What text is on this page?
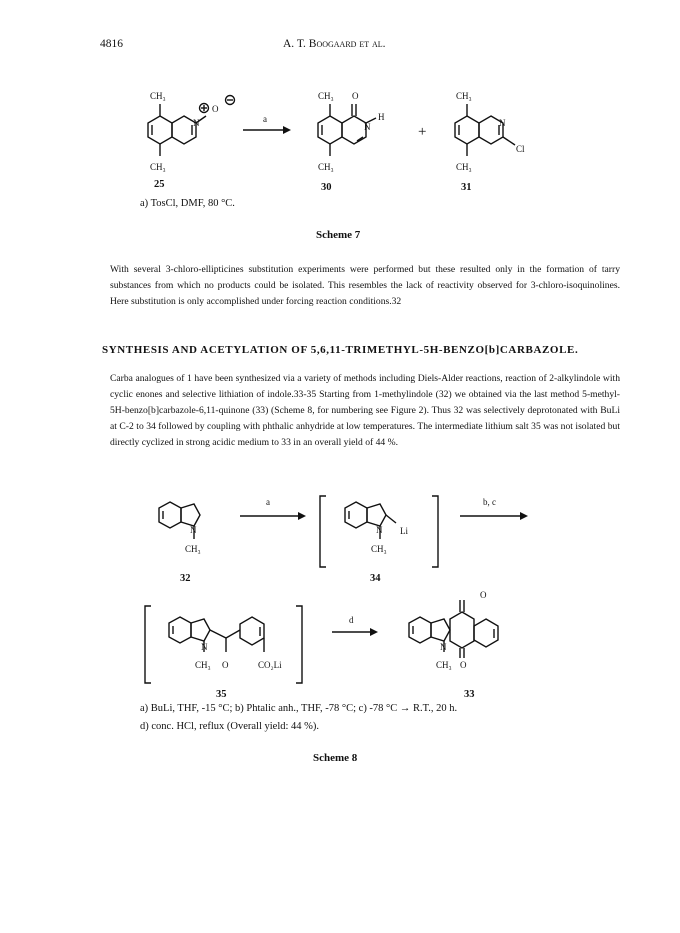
4816	A. T. Boogaard et al.
CH₃
CH₃
N
O
a
CH₃ O
CH₃
N
H
+
CH₃
CH₃
N
Cl
25	30	31
a) TosCl, DMF, 80 °C.
Scheme 7

With several 3-chloro-ellipticines substitution experiments were performed but these resulted only in the formation of tarry substances from which no products could be isolated. This resembles the lack of reactivity observed for 3-chloro-isoquinolines. Here substitution is only accomplished under forcing reaction conditions.32

SYNTHESIS AND ACETYLATION OF 5,6,11-TRIMETHYL-5H-BENZO[b]CARBAZOLE.

Carba analogues of 1 have been synthesized via a variety of methods including Diels-Alder reactions, reaction of 2-alkylindole with cyclic enones and selective lithiation of indole.33-35 Starting from 1-methylindole (32) we obtained via the last method 5-methyl-5H-benzo[b]carbazole-6,11-quinone (33) (Scheme 8, for numbering see Figure 2). Thus 32 was selectively deprotonated with BuLi at C-2 to 34 followed by coupling with phthalic anhydride at low temperatures. The intermediate lithium salt 35 was not isolated but directly cyclized in strong acidic medium to 33 in an overall yield of 44 %.

N
CH₃
a
N Li
CH₃
b, c
N
CH₃ O	CO₂Li
d
O
N
CH₃ O
32	34
35	33
a) BuLi, THF, -15 °C; b) Phtalic anh., THF, -78 °C; c) -78 °C → R.T., 20 h.
d) conc. HCl, reflux (Overall yield: 44 %).
Scheme 8
